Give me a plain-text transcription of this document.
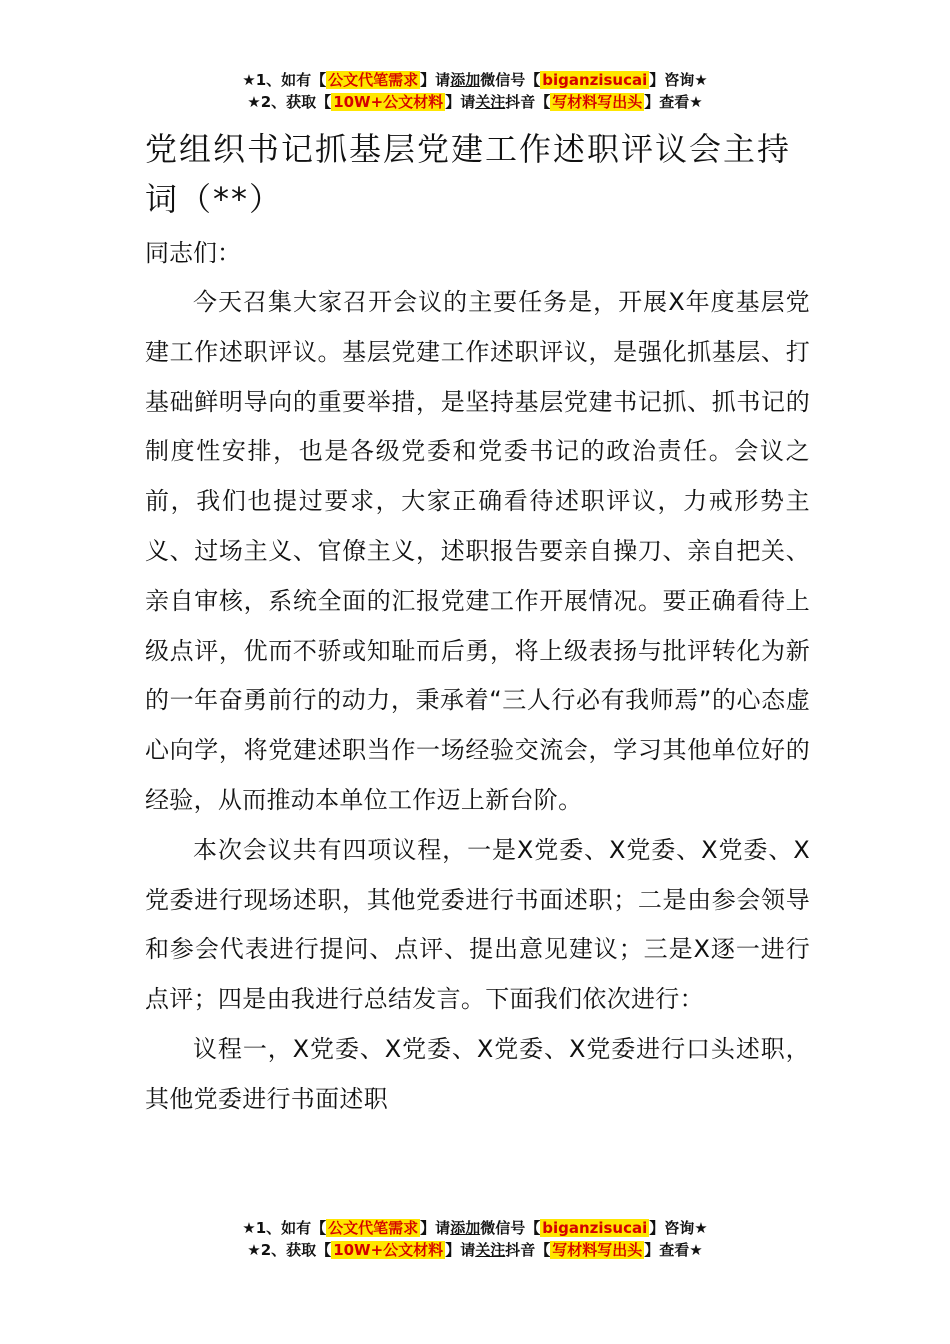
★1、如有【 公文代笔需求 】请添加微信号【 biganzisucai 】咨询★
★2、获取【 10W+公文材料 】请关注抖音【 写材料写出头 】查看★
党组织书记抓基层党建工作述职评议会主持词（**）

同志们：

今天召集大家召开会议的主要任务是，开展X年度基层党建工作述职评议。基层党建工作述职评议，是强化抓基层、打基础鲜明导向的重要举措，是坚持基层党建书记抓、抓书记的制度性安排，也是各级党委和党委书记的政治责任。会议之前，我们也提过要求，大家正确看待述职评议，力戒形势主义、过场主义、官僚主义，述职报告要亲自操刀、亲自把关、亲自审核，系统全面的汇报党建工作开展情况。要正确看待上级点评，优而不骄或知耻而后勇，将上级表扬与批评转化为新的一年奋勇前行的动力，秉承着“三人行必有我师焉”的心态虚心向学，将党建述职当作一场经验交流会，学习其他单位好的经验，从而推动本单位工作迈上新台阶。

本次会议共有四项议程，一是X党委、X党委、X党委、X党委进行现场述职，其他党委进行书面述职；二是由参会领导和参会代表进行提问、点评、提出意见建议；三是X逐一进行点评；四是由我进行总结发言。下面我们依次进行：

议程一，X党委、X党委、X党委、X党委进行口头述职，其他党委进行书面述职

★1、如有【 公文代笔需求 】请添加微信号【 biganzisucai 】咨询★
★2、获取【 10W+公文材料 】请关注抖音【 写材料写出头 】查看★
